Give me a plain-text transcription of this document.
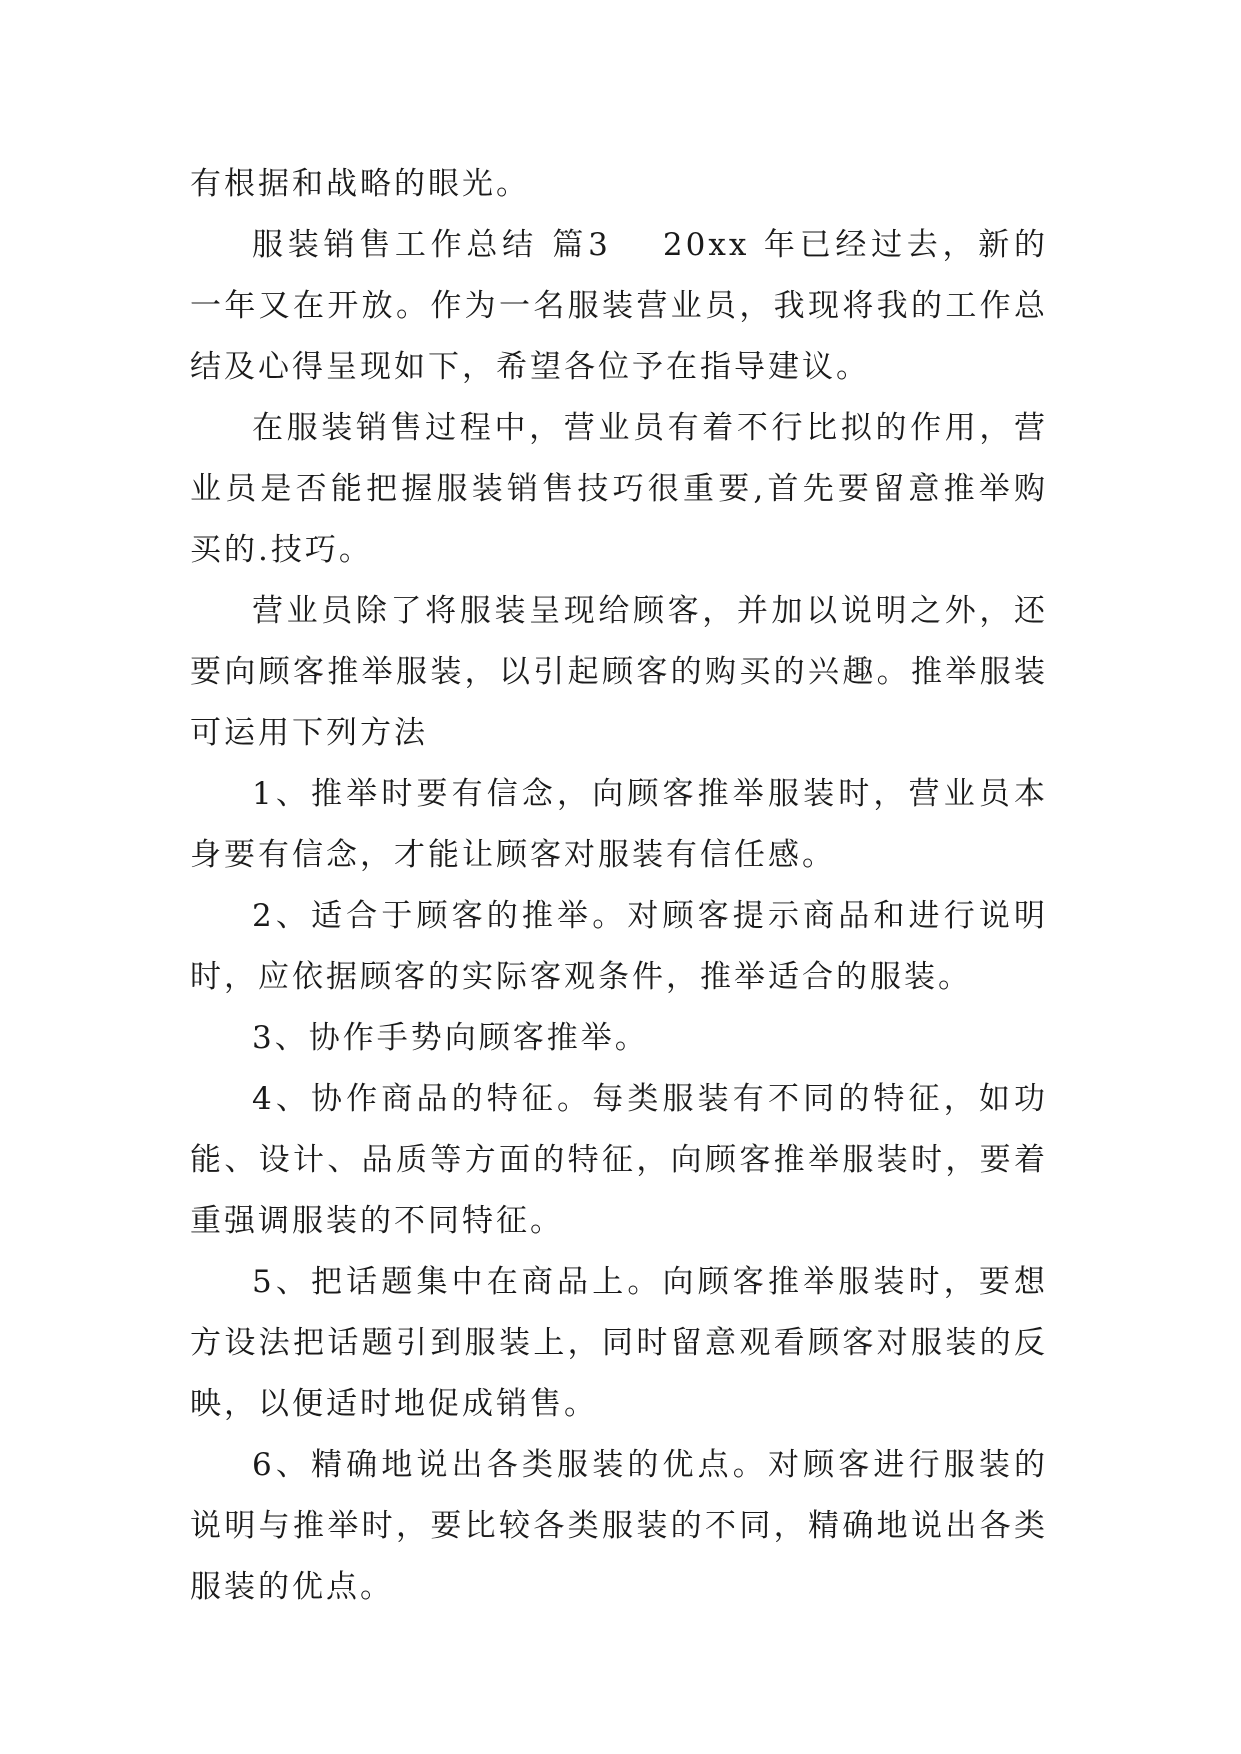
有根据和战略的眼光。

服装销售工作总结 篇3 20xx 年已经过去，新的一年又在开放。作为一名服装营业员，我现将我的工作总结及心得呈现如下，希望各位予在指导建议。

在服装销售过程中，营业员有着不行比拟的作用，营业员是否能把握服装销售技巧很重要,首先要留意推举购买的.技巧。

营业员除了将服装呈现给顾客，并加以说明之外，还要向顾客推举服装，以引起顾客的购买的兴趣。推举服装可运用下列方法

1、推举时要有信念，向顾客推举服装时，营业员本身要有信念，才能让顾客对服装有信任感。

2、适合于顾客的推举。对顾客提示商品和进行说明时，应依据顾客的实际客观条件，推举适合的服装。

3、协作手势向顾客推举。

4、协作商品的特征。每类服装有不同的特征，如功能、设计、品质等方面的特征，向顾客推举服装时，要着重强调服装的不同特征。

5、把话题集中在商品上。向顾客推举服装时，要想方设法把话题引到服装上，同时留意观看顾客对服装的反映，以便适时地促成销售。

6、精确地说出各类服装的优点。对顾客进行服装的说明与推举时，要比较各类服装的不同，精确地说出各类服装的优点。
